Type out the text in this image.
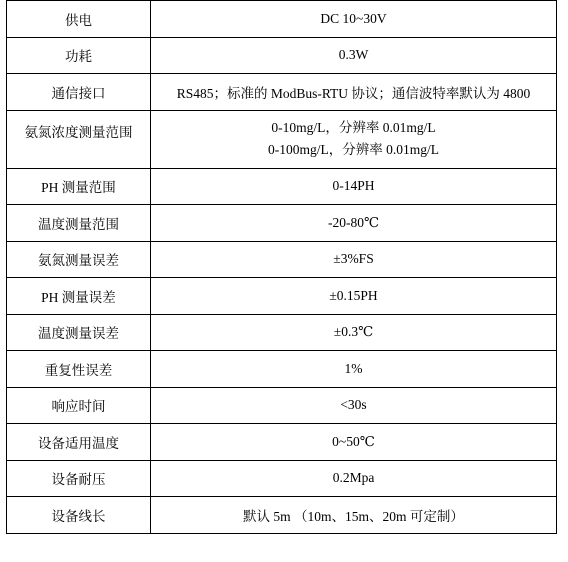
供电	DC 10~30V
功耗	0.3W
通信接口	RS485；标准的 ModBus-RTU 协议；通信波特率默认为 4800
氨氮浓度测量范围	0-10mg/L，分辨率 0.01mg/L
0-100mg/L，分辨率 0.01mg/L

PH 测量范围	0-14PH
温度测量范围	-20-80℃
氨氮测量误差	±3%FS
PH 测量误差	±0.15PH
温度测量误差	±0.3℃
重复性误差	1%
响应时间	<30s
设备适用温度	0~50℃
设备耐压	0.2Mpa
设备线长	默认 5m （10m、15m、20m 可定制）
